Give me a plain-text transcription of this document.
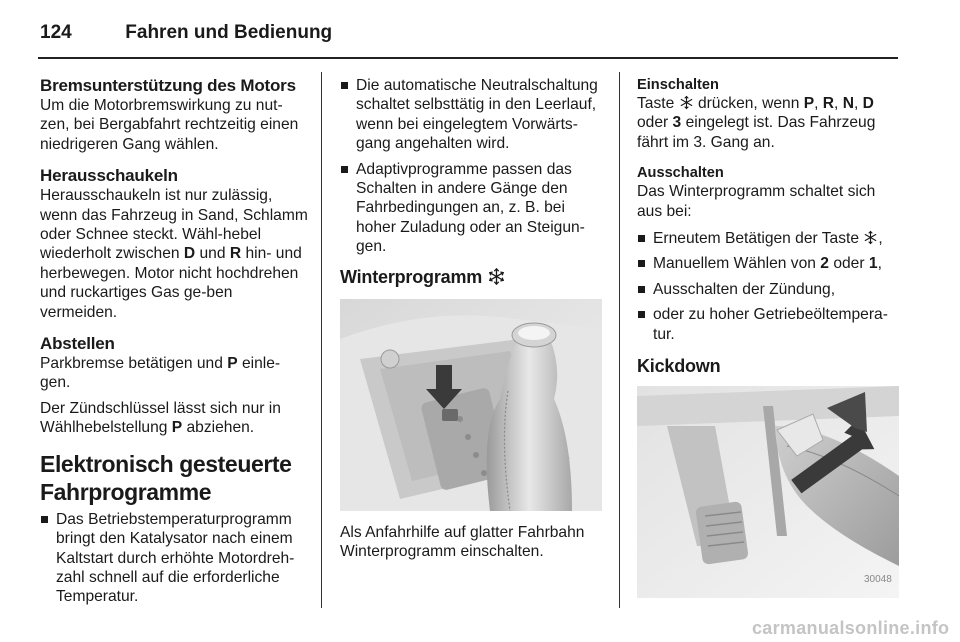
124	Fahren und Bedienung
Bremsunterstützung des Motors

Um die Motorbremswirkung zu nut-zen, bei Bergabfahrt rechtzeitig einen niedrigeren Gang wählen.

Herausschaukeln

Herausschaukeln ist nur zulässig, wenn das Fahrzeug in Sand, Schlamm oder Schnee steckt. Wähl-hebel wiederholt zwischen D und R hin- und herbewegen. Motor nicht hochdrehen und ruckartiges Gas ge-ben vermeiden.

Abstellen

Parkbremse betätigen und P einle-gen.

Der Zündschlüssel lässt sich nur in Wählhebelstellung P abziehen.

Elektronisch gesteuerte Fahrprogramme
Das Betriebstemperaturprogramm bringt den Katalysator nach einem Kaltstart durch erhöhte Motordreh-zahl schnell auf die erforderliche Temperatur.
Die automatische Neutralschaltung schaltet selbsttätig in den Leerlauf, wenn bei eingelegtem Vorwärts-gang angehalten wird.
Adaptivprogramme passen das Schalten in andere Gänge den Fahrbedingungen an, z. B. bei hoher Zuladung oder an Steigun-gen.
Winterprogramm

Als Anfahrhilfe auf glatter Fahrbahn Winterprogramm einschalten.

Einschalten

Taste  drücken, wenn P, R, N, D
oder 3 eingelegt ist. Das Fahrzeug fährt im 3. Gang an.

Ausschalten

Das Winterprogramm schaltet sich aus bei:

Erneutem Betätigen der Taste ,
Manuellem Wählen von 2 oder 1,
Ausschalten der Zündung,
oder zu hoher Getriebeöltempera-tur.
Kickdown
30048
carmanualsonline.info
